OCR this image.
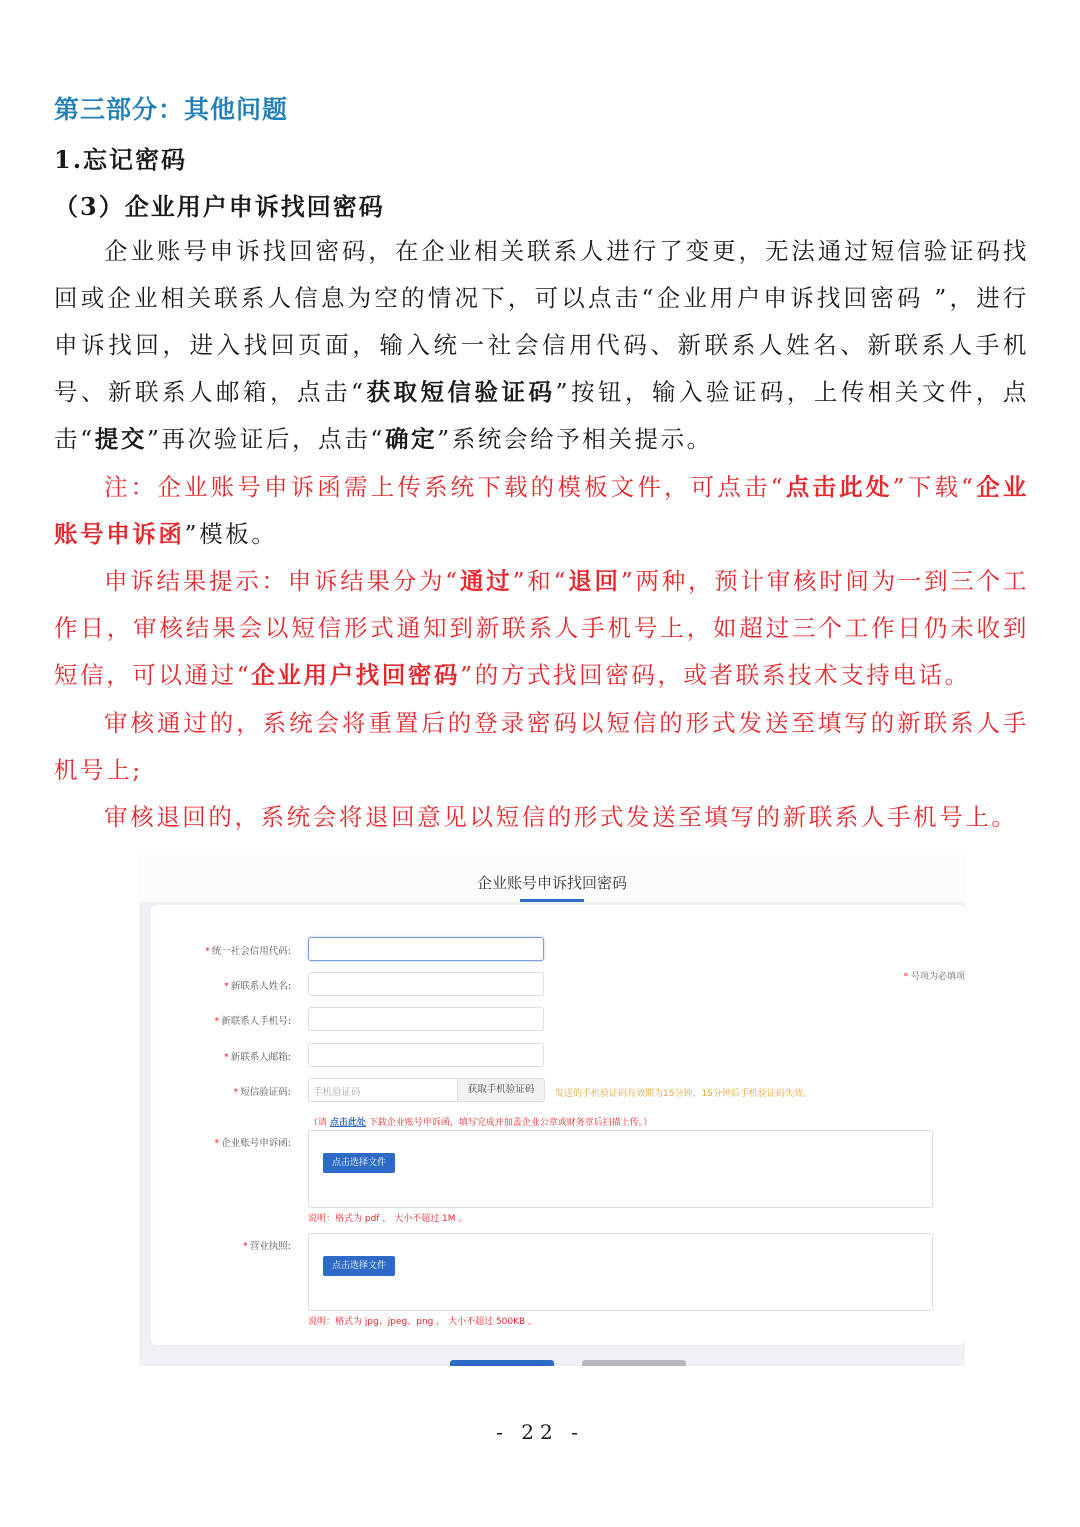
第三部分：其他问题
1.忘记密码
（3）企业用户申诉找回密码
企业账号申诉找回密码，在企业相关联系人进行了变更，无法通过短信验证码找回或企业相关联系人信息为空的情况下，可以点击“企业用户申诉找回密码 ”，进行申诉找回，进入找回页面，输入统一社会信用代码、新联系人姓名、新联系人手机号、新联系人邮箱，点击“获取短信验证码”按钮，输入验证码，上传相关文件，点击“提交”再次验证后，点击“确定”系统会给予相关提示。
注：企业账号申诉函需上传系统下载的模板文件，可点击“点击此处”下载“企业账号申诉函”模板。
申诉结果提示：申诉结果分为“通过”和“退回”两种，预计审核时间为一到三个工作日，审核结果会以短信形式通知到新联系人手机号上，如超过三个工作日仍未收到短信，可以通过“企业用户找回密码”的方式找回密码，或者联系技术支持电话。
审核通过的，系统会将重置后的登录密码以短信的形式发送至填写的新联系人手机号上;
审核退回的，系统会将退回意见以短信的形式发送至填写的新联系人手机号上。
企业账号申诉找回密码
* 号项为必填项
* 统一社会信用代码:
* 新联系人姓名:
* 新联系人手机号:
* 新联系人邮箱:
* 短信验证码:	手机验证码	获取手机验证码	发送的手机验证码有效期为15分钟，15分钟后手机验证码失效。
（请 点击此处 下载企业账号申诉函，填写完成并加盖企业公章或财务章后扫描上传。）
* 企业账号申诉函:
点击选择文件
说明：格式为 pdf ， 大小不超过 1M 。
* 营业执照:
点击选择文件
说明：格式为 jpg、jpeg、png ， 大小不超过 500KB 。
- 22 -
